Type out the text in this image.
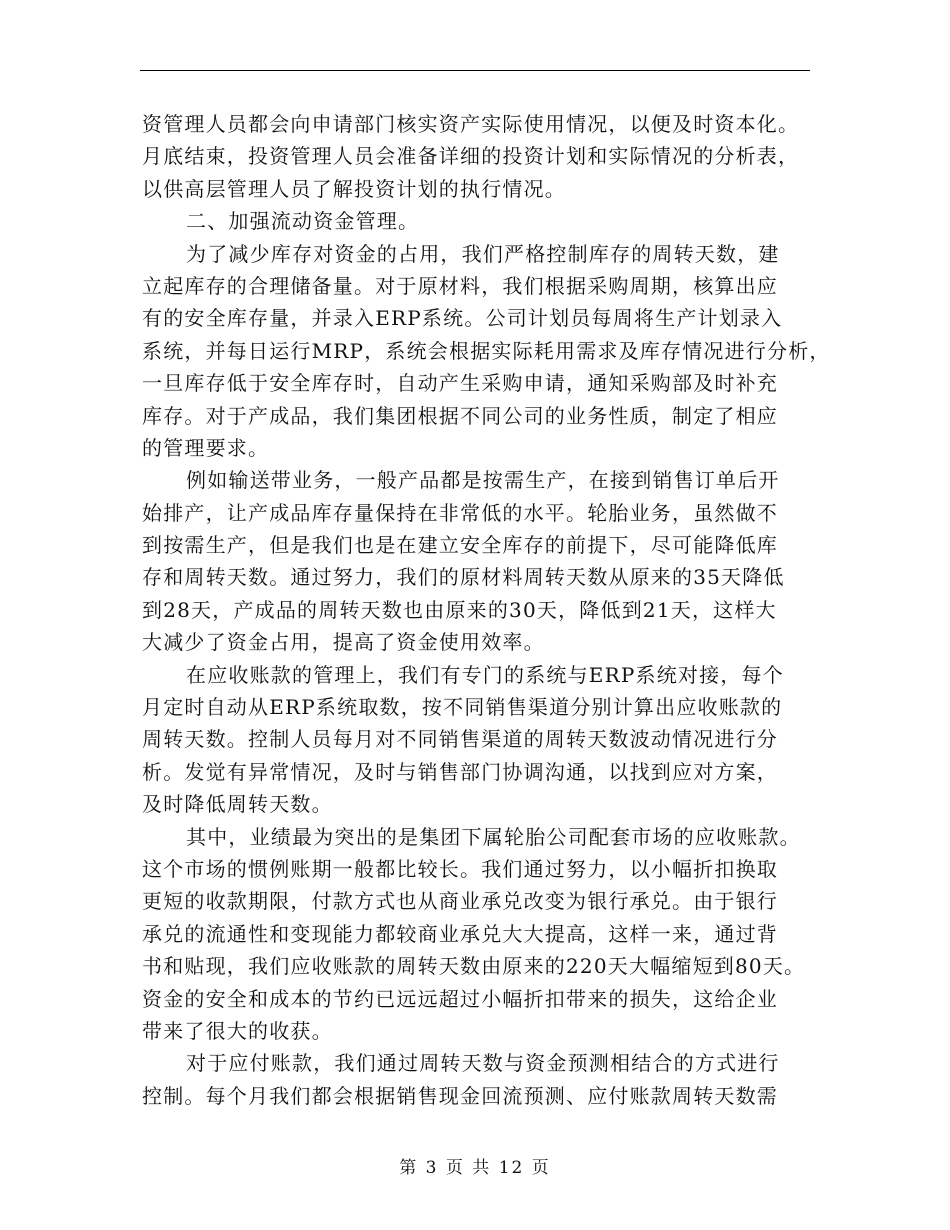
资管理人员都会向申请部门核实资产实际使用情况，以便及时资本化。
月底结束，投资管理人员会准备详细的投资计划和实际情况的分析表，
以供高层管理人员了解投资计划的执行情况。
二、加强流动资金管理。
为了减少库存对资金的占用，我们严格控制库存的周转天数，建
立起库存的合理储备量。对于原材料，我们根据采购周期，核算出应
有的安全库存量，并录入ERP系统。公司计划员每周将生产计划录入
系统，并每日运行MRP，系统会根据实际耗用需求及库存情况进行分析，
一旦库存低于安全库存时，自动产生采购申请，通知采购部及时补充
库存。对于产成品，我们集团根据不同公司的业务性质，制定了相应
的管理要求。
例如输送带业务，一般产品都是按需生产，在接到销售订单后开
始排产，让产成品库存量保持在非常低的水平。轮胎业务，虽然做不
到按需生产，但是我们也是在建立安全库存的前提下，尽可能降低库
存和周转天数。通过努力，我们的原材料周转天数从原来的35天降低
到28天，产成品的周转天数也由原来的30天，降低到21天，这样大
大减少了资金占用，提高了资金使用效率。
在应收账款的管理上，我们有专门的系统与ERP系统对接，每个
月定时自动从ERP系统取数，按不同销售渠道分别计算出应收账款的
周转天数。控制人员每月对不同销售渠道的周转天数波动情况进行分
析。发觉有异常情况，及时与销售部门协调沟通，以找到应对方案，
及时降低周转天数。
其中，业绩最为突出的是集团下属轮胎公司配套市场的应收账款。
这个市场的惯例账期一般都比较长。我们通过努力，以小幅折扣换取
更短的收款期限，付款方式也从商业承兑改变为银行承兑。由于银行
承兑的流通性和变现能力都较商业承兑大大提高，这样一来，通过背
书和贴现，我们应收账款的周转天数由原来的220天大幅缩短到80天。
资金的安全和成本的节约已远远超过小幅折扣带来的损失，这给企业
带来了很大的收获。
对于应付账款，我们通过周转天数与资金预测相结合的方式进行
控制。每个月我们都会根据销售现金回流预测、应付账款周转天数需
第 3 页 共 12 页
